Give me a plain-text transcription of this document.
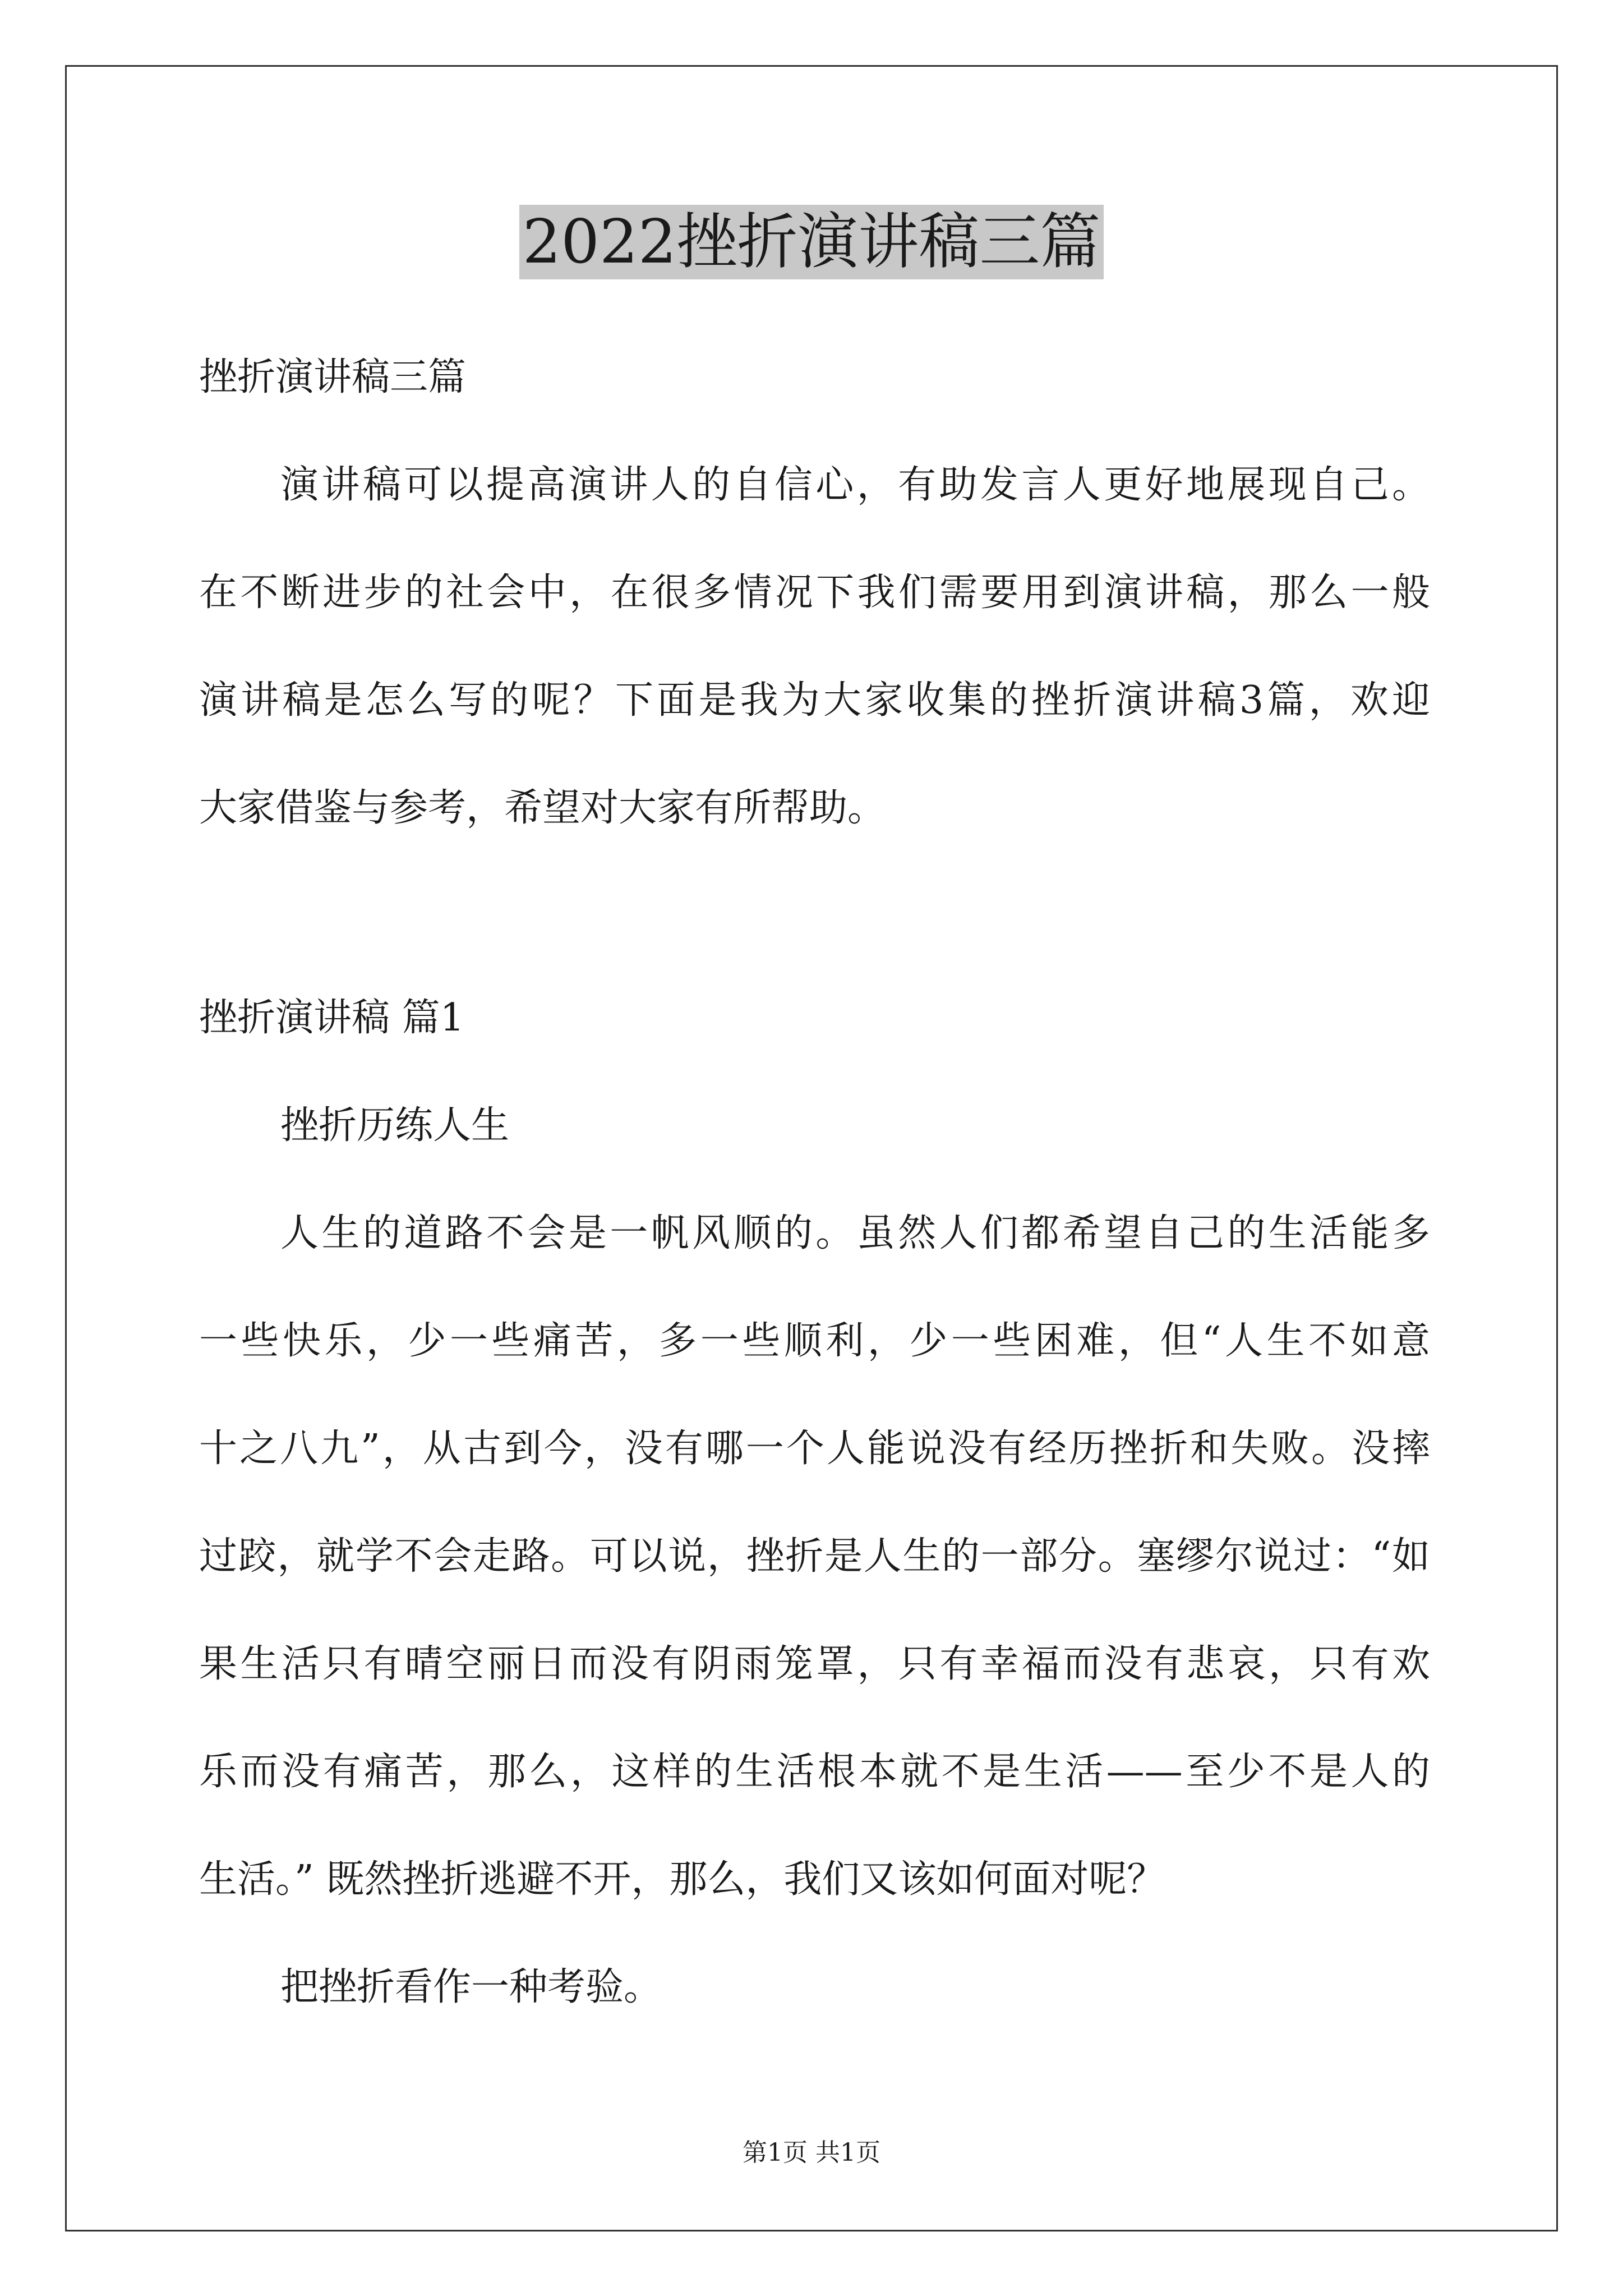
2022挫折演讲稿三篇
挫折演讲稿三篇
演讲稿可以提高演讲人的自信心，有助发言人更好地展现自己。
在不断进步的社会中，在很多情况下我们需要用到演讲稿，那么一般
演讲稿是怎么写的呢？下面是我为大家收集的挫折演讲稿3篇，欢迎
大家借鉴与参考，希望对大家有所帮助。
挫折演讲稿 篇1
挫折历练人生
人生的道路不会是一帆风顺的。虽然人们都希望自己的生活能多
一些快乐，少一些痛苦，多一些顺利，少一些困难，但“人生不如意
十之八九”，从古到今，没有哪一个人能说没有经历挫折和失败。没摔
过跤，就学不会走路。可以说，挫折是人生的一部分。塞缪尔说过：“如
果生活只有晴空丽日而没有阴雨笼罩，只有幸福而没有悲哀，只有欢
乐而没有痛苦，那么，这样的生活根本就不是生活——至少不是人的
生活。” 既然挫折逃避不开，那么，我们又该如何面对呢？
把挫折看作一种考验。
第1页 共1页
